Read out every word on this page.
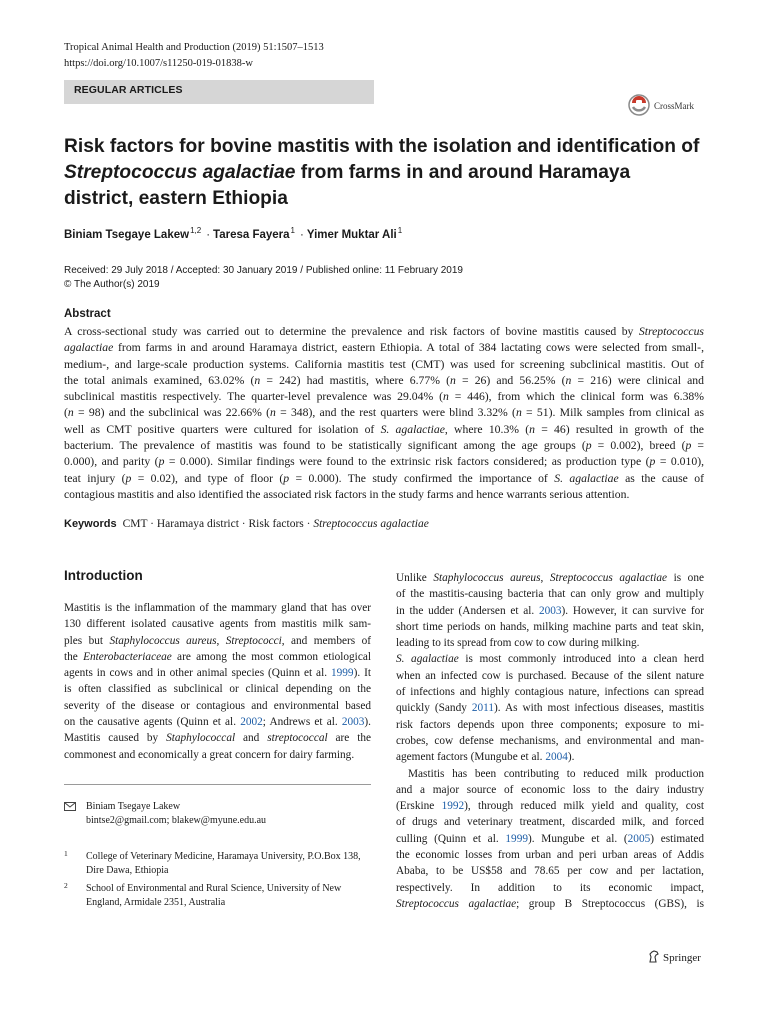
Tropical Animal Health and Production (2019) 51:1507–1513
https://doi.org/10.1007/s11250-019-01838-w
REGULAR ARTICLES
CrossMark
Risk factors for bovine mastitis with the isolation and identification of Streptococcus agalactiae from farms in and around Haramaya district, eastern Ethiopia
Biniam Tsegaye Lakew$^{1,2}$ · Taresa Fayera$^1$ · Yimer Muktar Ali$^1$
Received: 29 July 2018 / Accepted: 30 January 2019 / Published online: 11 February 2019
© The Author(s) 2019
Abstract

A cross-sectional study was carried out to determine the prevalence and risk factors of bovine mastitis caused by Streptococcus
agalactiae from farms in and around Haramaya district, eastern Ethiopia. A total of 384 lactating cows were selected from small-,
medium-, and large-scale production systems. California mastitis test (CMT) was used for screening subclinical mastitis. Out of
the total animals examined, 63.02% (n = 242) had mastitis, where 6.77% (n = 26) and 56.25% (n = 216) were clinical and
subclinical mastitis respectively. The quarter-level prevalence was 29.04% (n = 446), from which the clinical form was 6.38%
(n = 98) and the subclinical was 22.66% (n = 348), and the rest quarters were blind 3.32% (n = 51). Milk samples from clinical as
well as CMT positive quarters were cultured for isolation of S. agalactiae, where 10.3% (n = 46) resulted in growth of the
bacterium. The prevalence of mastitis was found to be statistically significant among the age groups (p = 0.002), breed (p =
0.000), and parity (p = 0.000). Similar findings were found to the extrinsic risk factors considered; as production type (p = 0.010),
teat injury (p = 0.02), and type of floor (p = 0.000). The study confirmed the importance of S. agalactiae as the cause of
contagious mastitis and also identified the associated risk factors in the study farms and hence warrants serious attention.

Keywords CMT · Haramaya district · Risk factors · Streptococcus agalactiae
Introduction

Mastitis is the inflammation of the mammary gland that has over
130 different isolated causative agents from mastitis milk sam-
ples but Staphylococcus aureus, Streptococci, and members of
the Enterobacteriaceae are among the most common etiological
agents in cows and in other animal species (Quinn et al. 1999). It
is often classified as subclinical or clinical depending on the
severity of the disease or contagious and environmental based
on the causative agents (Quinn et al. 2002; Andrews et al. 2003).
Mastitis caused by Staphylococcal and streptococcal are the
commonest and economically a great concern for dairy farming.

Unlike Staphylococcus aureus, Streptococcus agalactiae is one
of the mastitis-causing bacteria that can only grow and multiply
in the udder (Andersen et al. 2003). However, it can survive for
short time periods on hands, milking machine parts and teat skin,
leading to its spread from cow to cow during milking.
S. agalactiae is most commonly introduced into a clean herd
when an infected cow is purchased. Because of the silent nature
of infections and highly contagious nature, infections can spread
quickly (Sandy 2011). As with most infectious diseases, mastitis
risk factors depends upon three components; exposure to mi-
crobes, cow defense mechanisms, and environmental and man-
agement factors (Mungube et al. 2004).
Mastitis has been contributing to reduced milk production
and a major source of economic loss to the dairy industry
(Erskine 1992), through reduced milk yield and quality, cost
of drugs and veterinary treatment, discarded milk, and forced
culling (Quinn et al. 1999). Mungube et al. (2005) estimated
the economic losses from urban and peri urban areas of Addis
Ababa, to be US$58 and 78.65 per cow and per lactation,
respectively. In addition to its economic impact,
Streptococcus agalactiae; group B Streptococcus (GBS), is

Biniam Tsegaye Lakew
bintse2@gmail.com; blakew@myune.edu.au
1 College of Veterinary Medicine, Haramaya University, P.O.Box 138,
Dire Dawa, Ethiopia
2 School of Environmental and Rural Science, University of New
England, Armidale 2351, Australia
Springer
